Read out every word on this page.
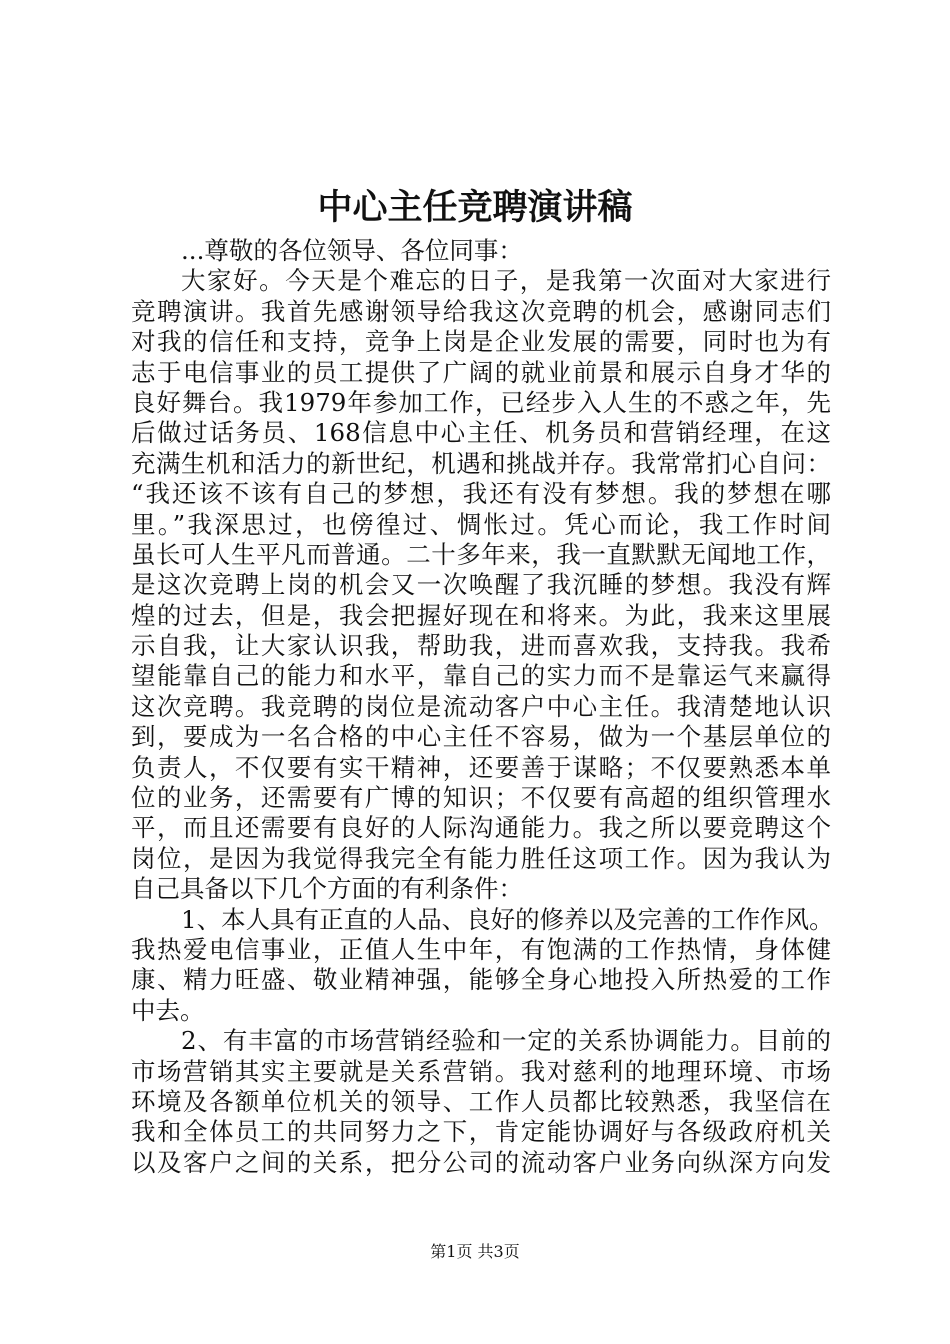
中心主任竞聘演讲稿
...尊敬的各位领导、各位同事：
大家好。今天是个难忘的日子，是我第一次面对大家进行
竞聘演讲。我首先感谢领导给我这次竞聘的机会，感谢同志们
对我的信任和支持，竞争上岗是企业发展的需要，同时也为有
志于电信事业的员工提供了广阔的就业前景和展示自身才华的
良好舞台。我1979年参加工作，已经步入人生的不惑之年，先
后做过话务员、168信息中心主任、机务员和营销经理，在这
充满生机和活力的新世纪，机遇和挑战并存。我常常扪心自问：
“我还该不该有自己的梦想，我还有没有梦想。我的梦想在哪
里。”我深思过，也傍徨过、惆怅过。凭心而论，我工作时间
虽长可人生平凡而普通。二十多年来，我一直默默无闻地工作，
是这次竞聘上岗的机会又一次唤醒了我沉睡的梦想。我没有辉
煌的过去，但是，我会把握好现在和将来。为此，我来这里展
示自我，让大家认识我，帮助我，进而喜欢我，支持我。我希
望能靠自己的能力和水平，靠自己的实力而不是靠运气来赢得
这次竞聘。我竞聘的岗位是流动客户中心主任。我清楚地认识
到，要成为一名合格的中心主任不容易，做为一个基层单位的
负责人，不仅要有实干精神，还要善于谋略；不仅要熟悉本单
位的业务，还需要有广博的知识；不仅要有高超的组织管理水
平，而且还需要有良好的人际沟通能力。我之所以要竞聘这个
岗位，是因为我觉得我完全有能力胜任这项工作。因为我认为
自己具备以下几个方面的有利条件：
1、本人具有正直的人品、良好的修养以及完善的工作作风。
我热爱电信事业，正值人生中年，有饱满的工作热情，身体健
康、精力旺盛、敬业精神强，能够全身心地投入所热爱的工作
中去。
2、有丰富的市场营销经验和一定的关系协调能力。目前的
市场营销其实主要就是关系营销。我对慈利的地理环境、市场
环境及各额单位机关的领导、工作人员都比较熟悉，我坚信在
我和全体员工的共同努力之下，肯定能协调好与各级政府机关
以及客户之间的关系，把分公司的流动客户业务向纵深方向发
第1页 共3页
